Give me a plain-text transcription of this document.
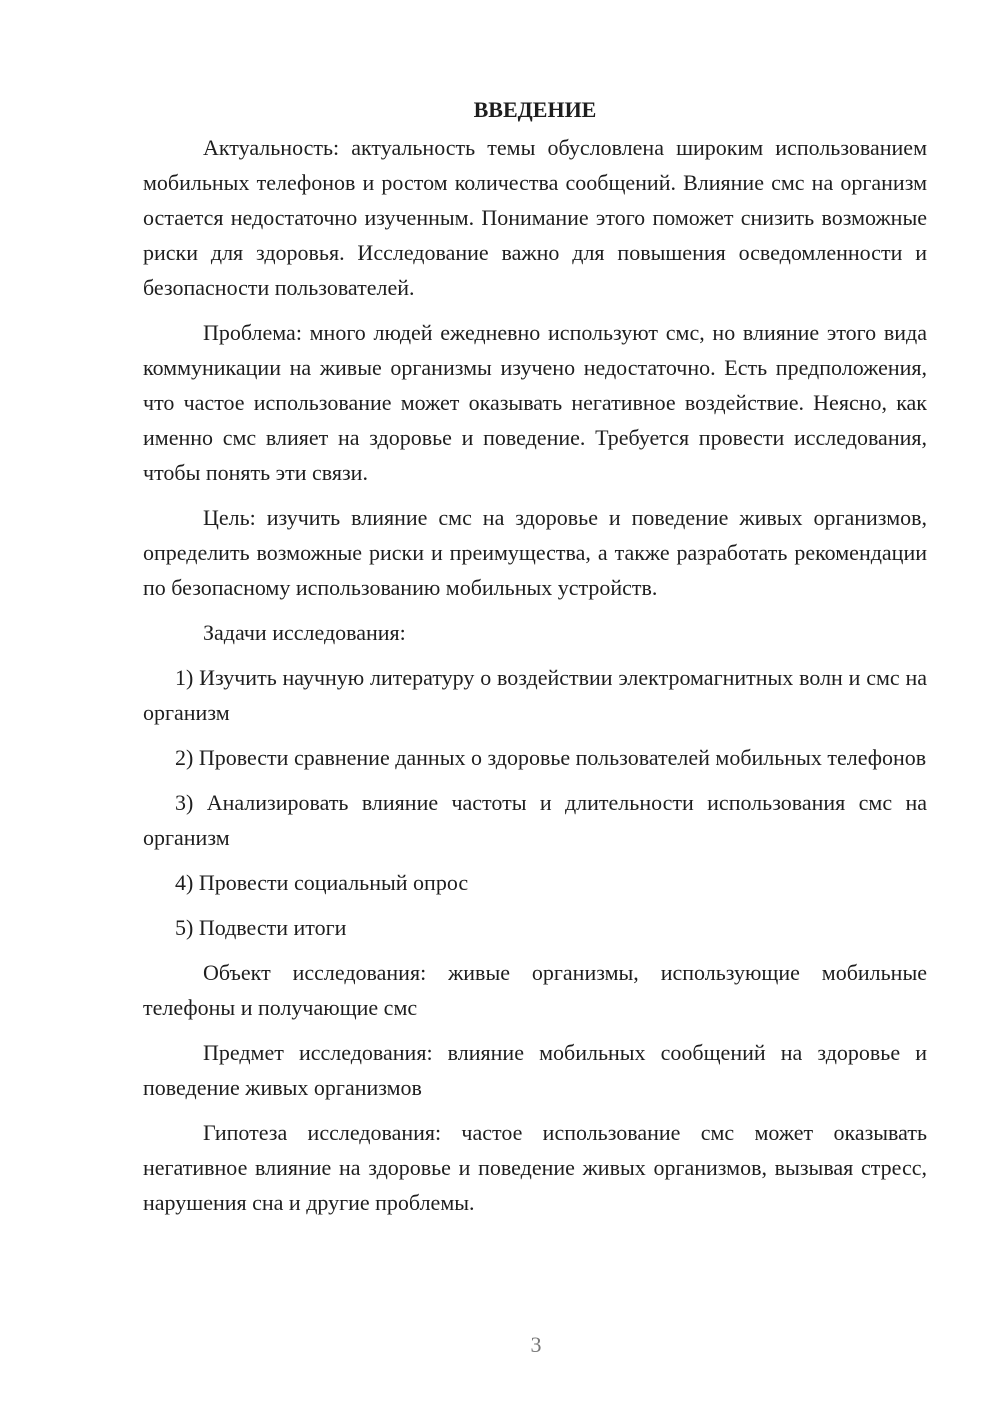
ВВЕДЕНИЕ

Актуальность: актуальность темы обусловлена широким использованием мобильных телефонов и ростом количества сообщений. Влияние смс на организм остается недостаточно изученным. Понимание этого поможет снизить возможные риски для здоровья. Исследование важно для повышения осведомленности и безопасности пользователей.

Проблема: много людей ежедневно используют смс, но влияние этого вида коммуникации на живые организмы изучено недостаточно. Есть предположения, что частое использование может оказывать негативное воздействие. Неясно, как именно смс влияет на здоровье и поведение. Требуется провести исследования, чтобы понять эти связи.

Цель: изучить влияние смс на здоровье и поведение живых организмов, определить возможные риски и преимущества, а также разработать рекомендации по безопасному использованию мобильных устройств.

Задачи исследования:

1) Изучить научную литературу о воздействии электромагнитных волн и смс на организм

2) Провести сравнение данных о здоровье пользователей мобильных телефонов

3) Анализировать влияние частоты и длительности использования смс на организм

4) Провести социальный опрос

5) Подвести итоги

Объект исследования: живые организмы, использующие мобильные телефоны и получающие смс

Предмет исследования: влияние мобильных сообщений на здоровье и поведение живых организмов

Гипотеза исследования: частое использование смс может оказывать негативное влияние на здоровье и поведение живых организмов, вызывая стресс, нарушения сна и другие проблемы.

3
